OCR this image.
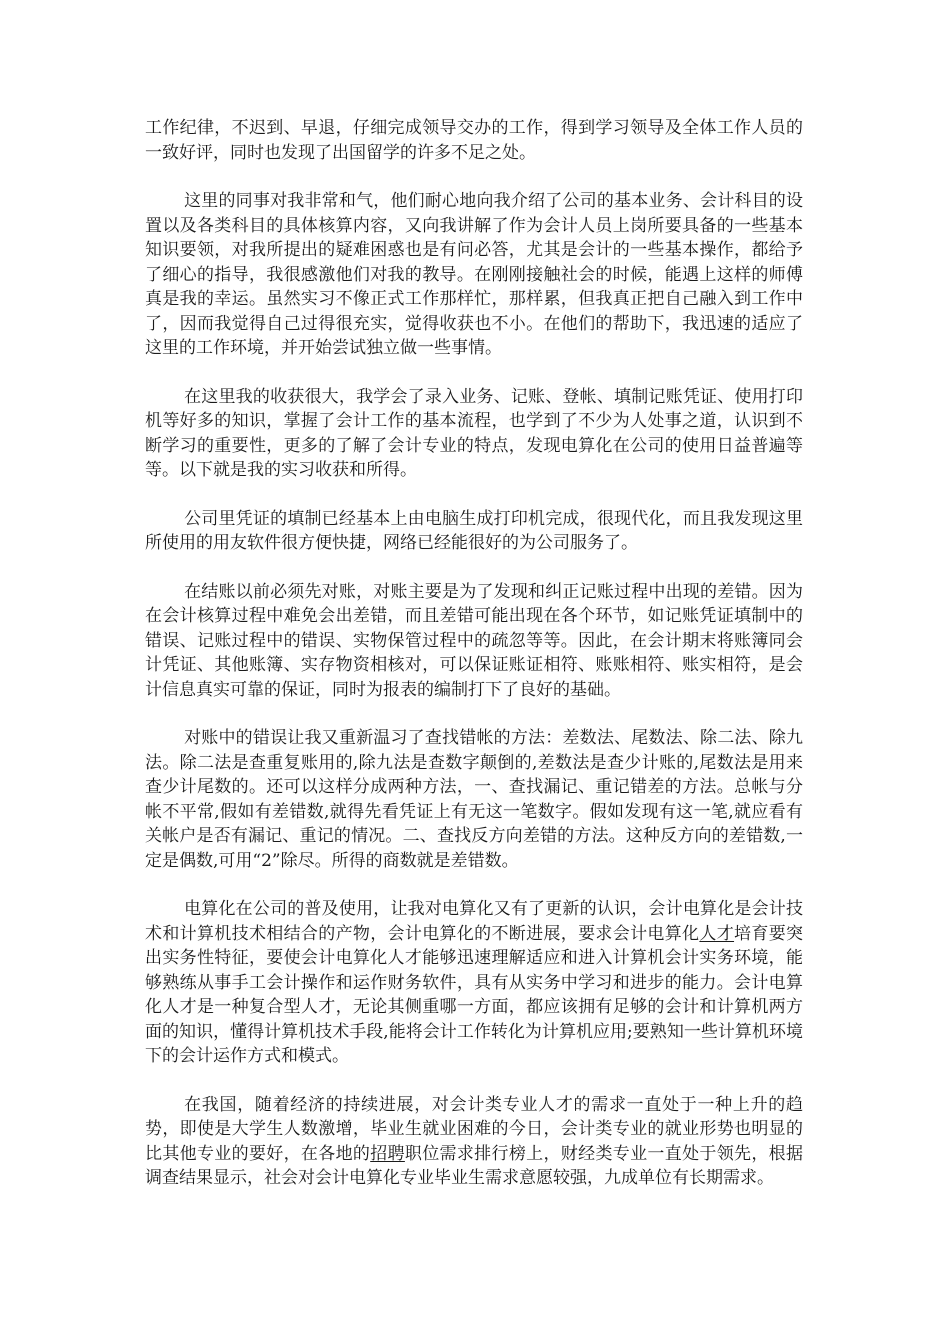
工作纪律，不迟到、早退，仔细完成领导交办的工作，得到学习领导及全体工作人员的一致好评，同时也发现了出国留学的许多不足之处。

这里的同事对我非常和气，他们耐心地向我介绍了公司的基本业务、会计科目的设置以及各类科目的具体核算内容，又向我讲解了作为会计人员上岗所要具备的一些基本知识要领，对我所提出的疑难困惑也是有问必答，尤其是会计的一些基本操作，都给予了细心的指导，我很感激他们对我的教导。在刚刚接触社会的时候，能遇上这样的师傅真是我的幸运。虽然实习不像正式工作那样忙，那样累，但我真正把自己融入到工作中了，因而我觉得自己过得很充实，觉得收获也不小。在他们的帮助下，我迅速的适应了这里的工作环境，并开始尝试独立做一些事情。

在这里我的收获很大，我学会了录入业务、记账、登帐、填制记账凭证、使用打印机等好多的知识，掌握了会计工作的基本流程，也学到了不少为人处事之道，认识到不断学习的重要性，更多的了解了会计专业的特点，发现电算化在公司的使用日益普遍等等。以下就是我的实习收获和所得。

公司里凭证的填制已经基本上由电脑生成打印机完成，很现代化，而且我发现这里所使用的用友软件很方便快捷，网络已经能很好的为公司服务了。

在结账以前必须先对账，对账主要是为了发现和纠正记账过程中出现的差错。因为在会计核算过程中难免会出差错，而且差错可能出现在各个环节，如记账凭证填制中的错误、记账过程中的错误、实物保管过程中的疏忽等等。因此，在会计期末将账簿同会计凭证、其他账簿、实存物资相核对，可以保证账证相符、账账相符、账实相符，是会计信息真实可靠的保证，同时为报表的编制打下了良好的基础。

对账中的错误让我又重新温习了查找错帐的方法：差数法、尾数法、除二法、除九法。除二法是查重复账用的,除九法是查数字颠倒的,差数法是查少计账的,尾数法是用来查少计尾数的。还可以这样分成两种方法，一、查找漏记、重记错差的方法。总帐与分帐不平常,假如有差错数,就得先看凭证上有无这一笔数字。假如发现有这一笔,就应看有关帐户是否有漏记、重记的情况。二、查找反方向差错的方法。这种反方向的差错数,一定是偶数,可用“2”除尽。所得的商数就是差错数。

电算化在公司的普及使用，让我对电算化又有了更新的认识，会计电算化是会计技术和计算机技术相结合的产物，会计电算化的不断进展，要求会计电算化人才培育要突出实务性特征，要使会计电算化人才能够迅速理解适应和进入计算机会计实务环境，能够熟练从事手工会计操作和运作财务软件，具有从实务中学习和进步的能力。会计电算化人才是一种复合型人才，无论其侧重哪一方面，都应该拥有足够的会计和计算机两方面的知识，懂得计算机技术手段,能将会计工作转化为计算机应用;要熟知一些计算机环境下的会计运作方式和模式。

在我国，随着经济的持续进展，对会计类专业人才的需求一直处于一种上升的趋势，即使是大学生人数激增，毕业生就业困难的今日，会计类专业的就业形势也明显的比其他专业的要好，在各地的招聘职位需求排行榜上，财经类专业一直处于领先，根据调查结果显示，社会对会计电算化专业毕业生需求意愿较强，九成单位有长期需求。
